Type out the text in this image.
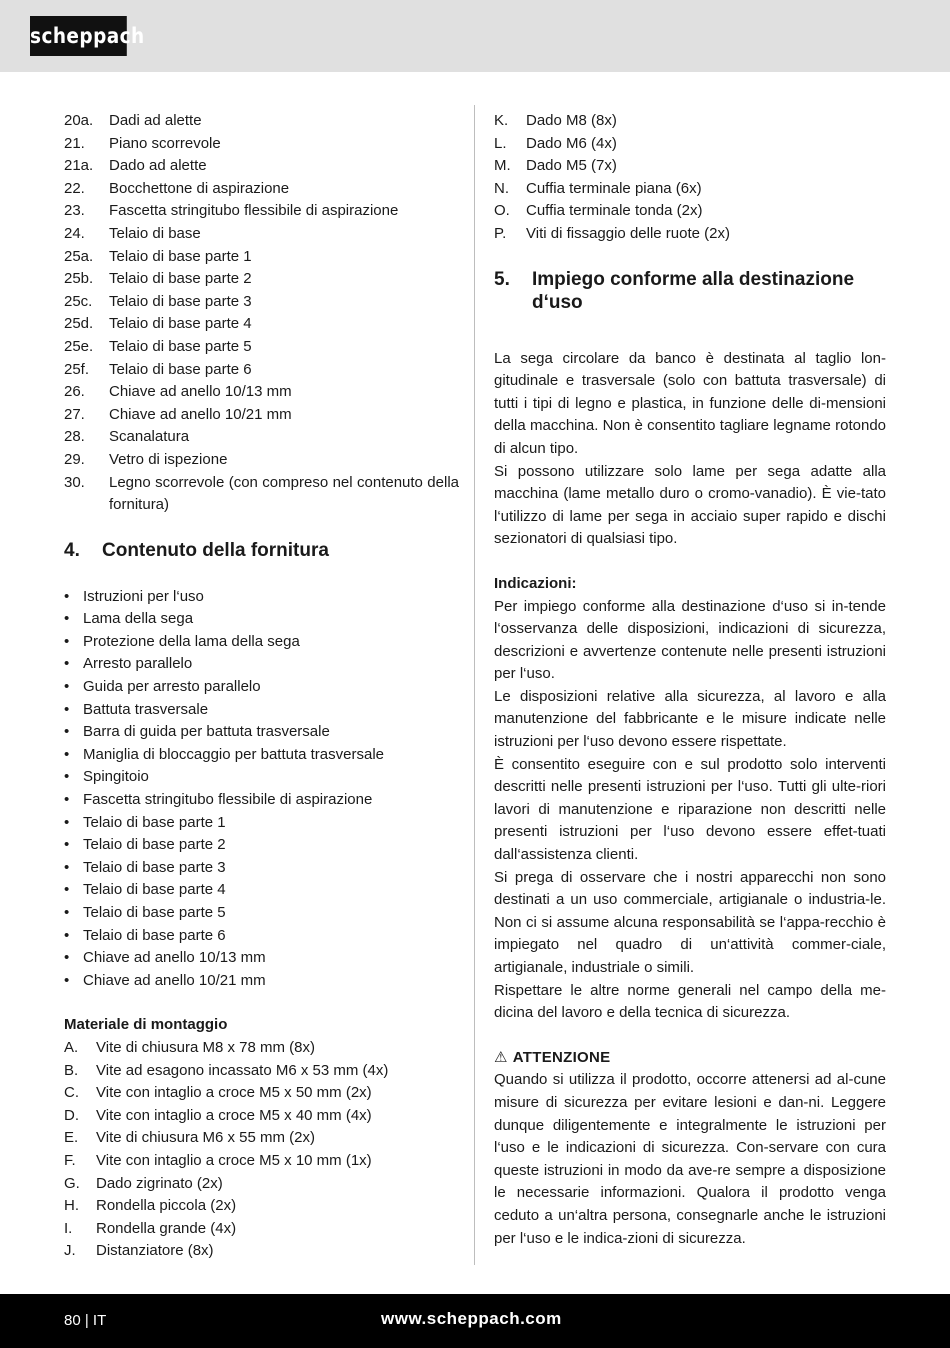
scheppach
20a. Dadi ad alette
21. Piano scorrevole
21a. Dado ad alette
22. Bocchettone di aspirazione
23. Fascetta stringitubo flessibile di aspirazione
24. Telaio di base
25a. Telaio di base parte 1
25b. Telaio di base parte 2
25c. Telaio di base parte 3
25d. Telaio di base parte 4
25e. Telaio di base parte 5
25f. Telaio di base parte 6
26. Chiave ad anello 10/13 mm
27. Chiave ad anello 10/21 mm
28. Scanalatura
29. Vetro di ispezione
30. Legno scorrevole (con compreso nel contenuto della fornitura)
4.	Contenuto della fornitura
• Istruzioni per l‘uso
• Lama della sega
• Protezione della lama della sega
• Arresto parallelo
• Guida per arresto parallelo
• Battuta trasversale
• Barra di guida per battuta trasversale
• Maniglia di bloccaggio per battuta trasversale
• Spingitoio
• Fascetta stringitubo flessibile di aspirazione
• Telaio di base parte 1
• Telaio di base parte 2
• Telaio di base parte 3
• Telaio di base parte 4
• Telaio di base parte 5
• Telaio di base parte 6
• Chiave ad anello 10/13 mm
• Chiave ad anello 10/21 mm
Materiale di montaggio
A. Vite di chiusura M8 x 78 mm (8x)
B. Vite ad esagono incassato M6 x 53 mm (4x)
C. Vite con intaglio a croce M5 x 50 mm (2x)
D. Vite con intaglio a croce M5 x 40 mm (4x)
E. Vite di chiusura M6 x 55 mm (2x)
F. Vite con intaglio a croce M5 x 10 mm (1x)
G. Dado zigrinato (2x)
H. Rondella piccola (2x)
I. Rondella grande (4x)
J. Distanziatore (8x)
K. Dado M8 (8x)
L. Dado M6 (4x)
M. Dado M5 (7x)
N. Cuffia terminale piana (6x)
O. Cuffia terminale tonda (2x)
P. Viti di fissaggio delle ruote (2x)
5.	Impiego conforme alla destinazione
d‘uso

La sega circolare da banco è destinata al taglio lon-gitudinale e trasversale (solo con battuta trasversale) di tutti i tipi di legno e plastica, in funzione delle di-mensioni della macchina. Non è consentito tagliare legname rotondo di alcun tipo.

Si possono utilizzare solo lame per sega adatte alla macchina (lame metallo duro o cromo-vanadio). È vie-tato l‘utilizzo di lame per sega in acciaio super rapido e dischi sezionatori di qualsiasi tipo.

Indicazioni:

Per impiego conforme alla destinazione d‘uso si in-tende l‘osservanza delle disposizioni, indicazioni di sicurezza, descrizioni e avvertenze contenute nelle presenti istruzioni per l‘uso.

Le disposizioni relative alla sicurezza, al lavoro e alla manutenzione del fabbricante e le misure indicate nelle istruzioni per l‘uso devono essere rispettate.

È consentito eseguire con e sul prodotto solo interventi descritti nelle presenti istruzioni per l‘uso. Tutti gli ulte-riori lavori di manutenzione e riparazione non descritti nelle presenti istruzioni per l‘uso devono essere effet-tuati dall‘assistenza clienti.

Si prega di osservare che i nostri apparecchi non sono destinati a un uso commerciale, artigianale o industria-le. Non ci si assume alcuna responsabilità se l‘appa-recchio è impiegato nel quadro di un‘attività commer-ciale, artigianale, industriale o simili.

Rispettare le altre norme generali nel campo della me-dicina del lavoro e della tecnica di sicurezza.

⚠ ATTENZIONE

Quando si utilizza il prodotto, occorre attenersi ad al-cune misure di sicurezza per evitare lesioni e dan-ni. Leggere dunque diligentemente e integralmente le istruzioni per l‘uso e le indicazioni di sicurezza. Con-servare con cura queste istruzioni in modo da ave-re sempre a disposizione le necessarie informazioni. Qualora il prodotto venga ceduto a un‘altra persona, consegnarle anche le istruzioni per l‘uso e le indica-zioni di sicurezza.

80 | IT	www.scheppach.com
